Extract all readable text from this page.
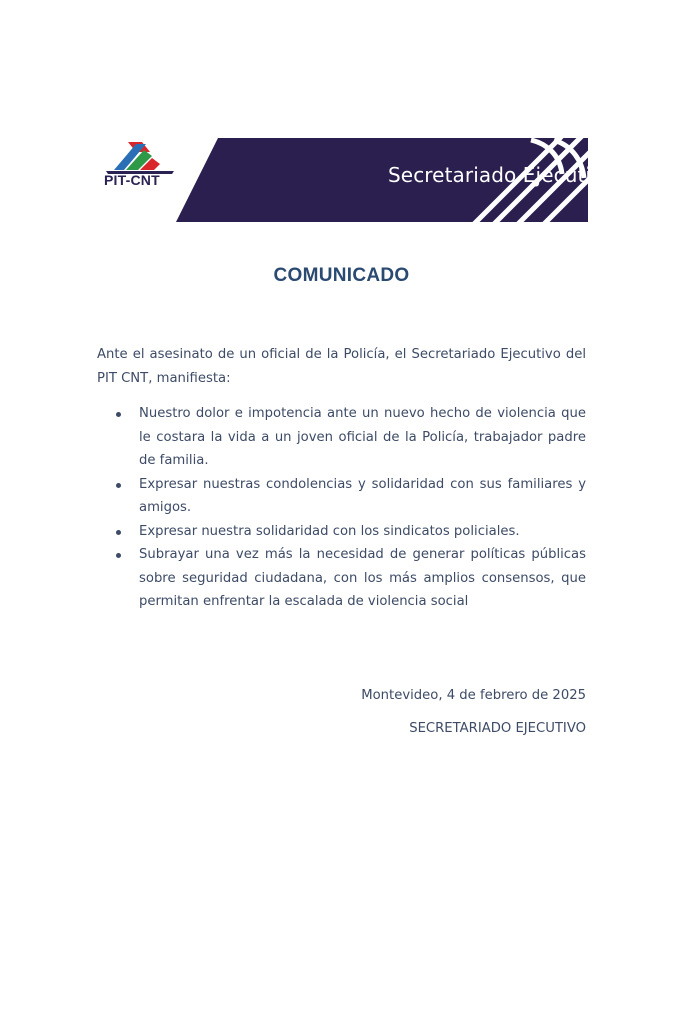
PIT-CNT	Secretariado Ejecutivo
COMUNICADO

Ante el asesinato de un oficial de la Policía, el Secretariado Ejecutivo del PIT CNT, manifiesta:

Nuestro dolor e impotencia ante un nuevo hecho de violencia que le costara la vida a un joven oficial de la Policía, trabajador padre de familia.
Expresar nuestras condolencias y solidaridad con sus familiares y amigos.
Expresar nuestra solidaridad con los sindicatos policiales.
Subrayar una vez más la necesidad de generar políticas públicas sobre seguridad ciudadana, con los más amplios consensos, que permitan enfrentar la escalada de violencia social
Montevideo, 4 de febrero de 2025
SECRETARIADO EJECUTIVO
